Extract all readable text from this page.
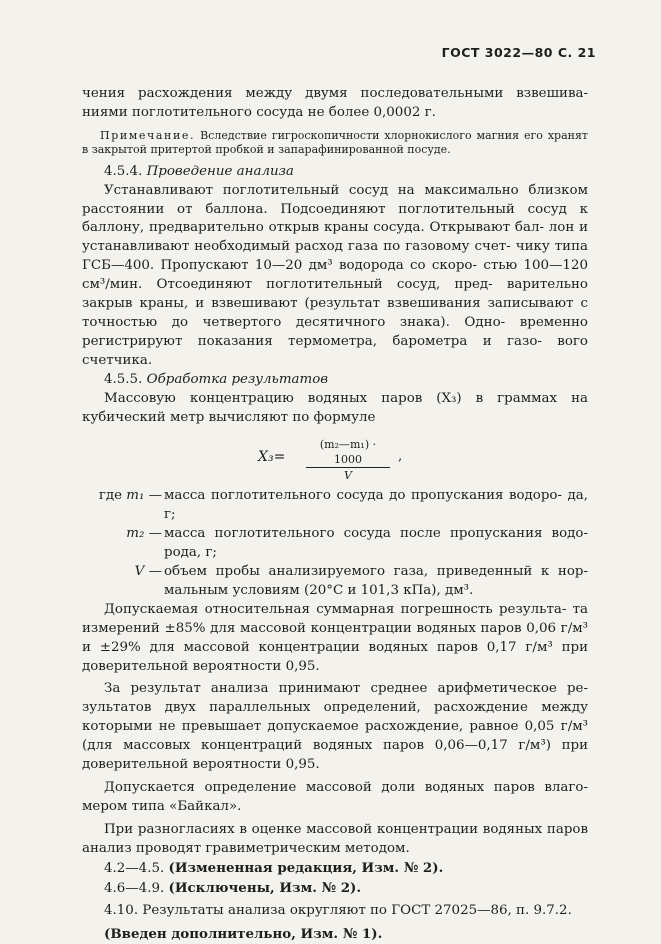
ГОСТ 3022—80 С. 21

чения расхождения между двумя последовательными взвешива- ниями поглотительного сосуда не более 0,0002 г.

Примечание. Вследствие гигроскопичности хлорнокислого магния его хранят в закрытой притертой пробкой и запарафинированной посуде.

4.5.4. Проведение анализа

Устанавливают поглотительный сосуд на максимально близком расстоянии от баллона. Подсоединяют поглотительный сосуд к баллону, предварительно открыв краны сосуда. Открывают бал- лон и устанавливают необходимый расход газа по газовому счет- чику типа ГСБ—400. Пропускают 10—20 дм³ водорода со скоро- стью 100—120 см³/мин. Отсоединяют поглотительный сосуд, пред- варительно закрыв краны, и взвешивают (результат взвешивания записывают с точностью до четвертого десятичного знака). Одно- временно регистрируют показания термометра, барометра и газо- вого счетчика.

4.5.5. Обработка результатов

Массовую концентрацию водяных паров (X₃) в граммах на кубический метр вычисляют по формуле

$X_3= \frac{\text{(m₂—m₁) · 1000}}{V}$ ,
где m₁ — масса поглотительного сосуда до пропускания водоро- да, г;

m₂ — масса поглотительного сосуда после пропускания водо- рода, г;

V — объем пробы анализируемого газа, приведенный к нор- мальным условиям (20°С и 101,3 кПа), дм³.

Допускаемая относительная суммарная погрешность результа- та измерений ±85% для массовой концентрации водяных паров 0,06 г/м³ и ±29% для массовой концентрации водяных паров 0,17 г/м³ при доверительной вероятности 0,95.

За результат анализа принимают среднее арифметическое ре- зультатов двух параллельных определений, расхождение между которыми не превышает допускаемое расхождение, равное 0,05 г/м³ (для массовых концентраций водяных паров 0,06—0,17 г/м³) при доверительной вероятности 0,95.

Допускается определение массовой доли водяных паров влаго- мером типа «Байкал».

При разногласиях в оценке массовой концентрации водяных паров анализ проводят гравиметрическим методом.

4.2—4.5. (Измененная редакция, Изм. № 2).

4.6—4.9. (Исключены, Изм. № 2).

4.10. Результаты анализа округляют по ГОСТ 27025—86, п. 9.7.2.

(Введен дополнительно, Изм. № 1).
